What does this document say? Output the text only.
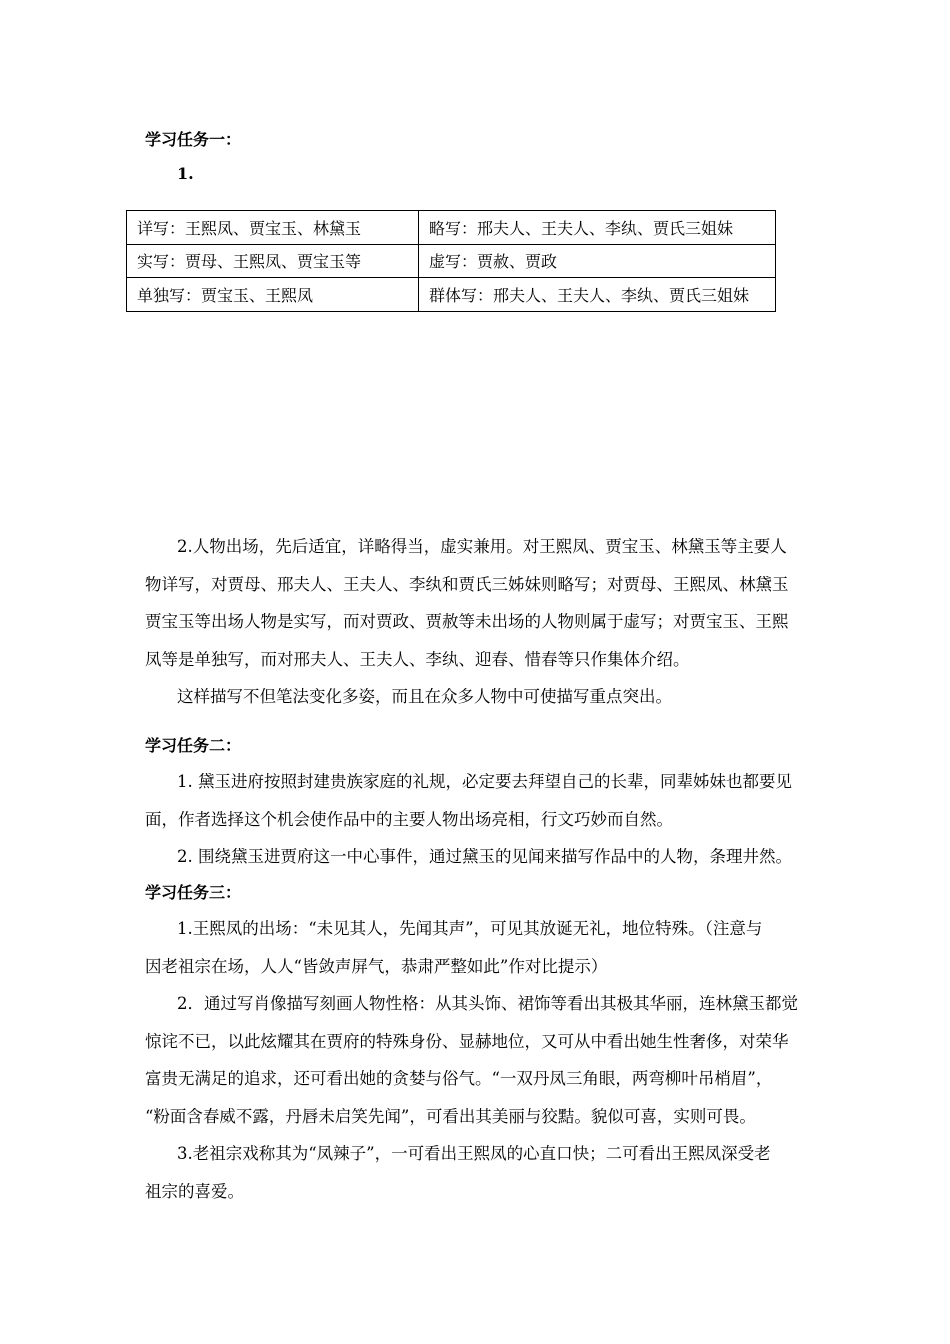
学习任务一：
1.
详写：王熙凤、贾宝玉、林黛玉	略写：邢夫人、王夫人、李纨、贾氏三姐妹
实写：贾母、王熙凤、贾宝玉等	虚写：贾赦、贾政
单独写：贾宝玉、王熙凤	群体写：邢夫人、王夫人、李纨、贾氏三姐妹
2.人物出场，先后适宜，详略得当，虚实兼用。对王熙凤、贾宝玉、林黛玉等主要人
物详写，对贾母、邢夫人、王夫人、李纨和贾氏三姊妹则略写；对贾母、王熙凤、林黛玉
贾宝玉等出场人物是实写，而对贾政、贾赦等未出场的人物则属于虚写；对贾宝玉、王熙
凤等是单独写，而对邢夫人、王夫人、李纨、迎春、惜春等只作集体介绍。
这样描写不但笔法变化多姿，而且在众多人物中可使描写重点突出。
学习任务二：
1. 黛玉进府按照封建贵族家庭的礼规，必定要去拜望自己的长辈，同辈姊妹也都要见
面，作者选择这个机会使作品中的主要人物出场亮相，行文巧妙而自然。
2. 围绕黛玉进贾府这一中心事件，通过黛玉的见闻来描写作品中的人物，条理井然。
学习任务三：
1.王熙凤的出场：“未见其人，先闻其声”，可见其放诞无礼，地位特殊。（注意与
因老祖宗在场，人人“皆敛声屏气，恭肃严整如此”作对比提示）
2．通过写肖像描写刻画人物性格：从其头饰、裙饰等看出其极其华丽，连林黛玉都觉
惊诧不已，以此炫耀其在贾府的特殊身份、显赫地位，又可从中看出她生性奢侈，对荣华
富贵无满足的追求，还可看出她的贪婪与俗气。“一双丹凤三角眼，两弯柳叶吊梢眉”，
“粉面含春威不露，丹唇未启笑先闻”，可看出其美丽与狡黠。貌似可喜，实则可畏。
3.老祖宗戏称其为“凤辣子”，一可看出王熙凤的心直口快；二可看出王熙凤深受老
祖宗的喜爱。
